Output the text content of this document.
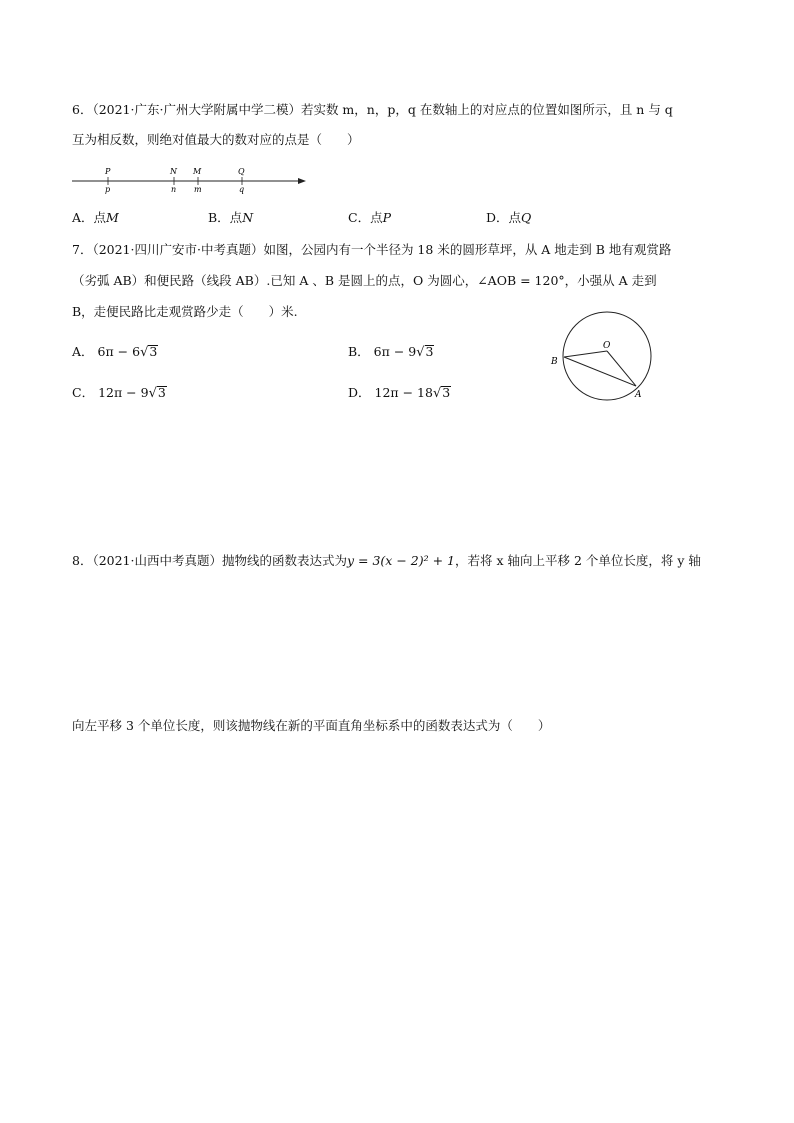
6．（2021·广东·广州大学附属中学二模）若实数 m，n，p，q 在数轴上的对应点的位置如图所示，且 n 与 q
互为相反数，则绝对值最大的数对应的点是（　　）
P
p
N
n
M
m
Q
q
A．点M	B．点N	C．点P	D．点Q
7．（2021·四川广安市·中考真题）如图，公园内有一个半径为 18 米的圆形草坪，从 A 地走到 B 地有观赏路
（劣弧 AB）和便民路（线段 AB）.已知 A 、B 是圆上的点，O 为圆心，∠AOB = 120°，小强从 A 走到
B，走便民路比走观赏路少走（　　）米.
A． 6π − 6√3	B． 6π − 9√3
C． 12π − 9√3	D． 12π − 18√3
O
B
A
8．（2021·山西中考真题）抛物线的函数表达式为y = 3(x − 2)² + 1，若将 x 轴向上平移 2 个单位长度，将 y 轴
向左平移 3 个单位长度，则该抛物线在新的平面直角坐标系中的函数表达式为（　　）
